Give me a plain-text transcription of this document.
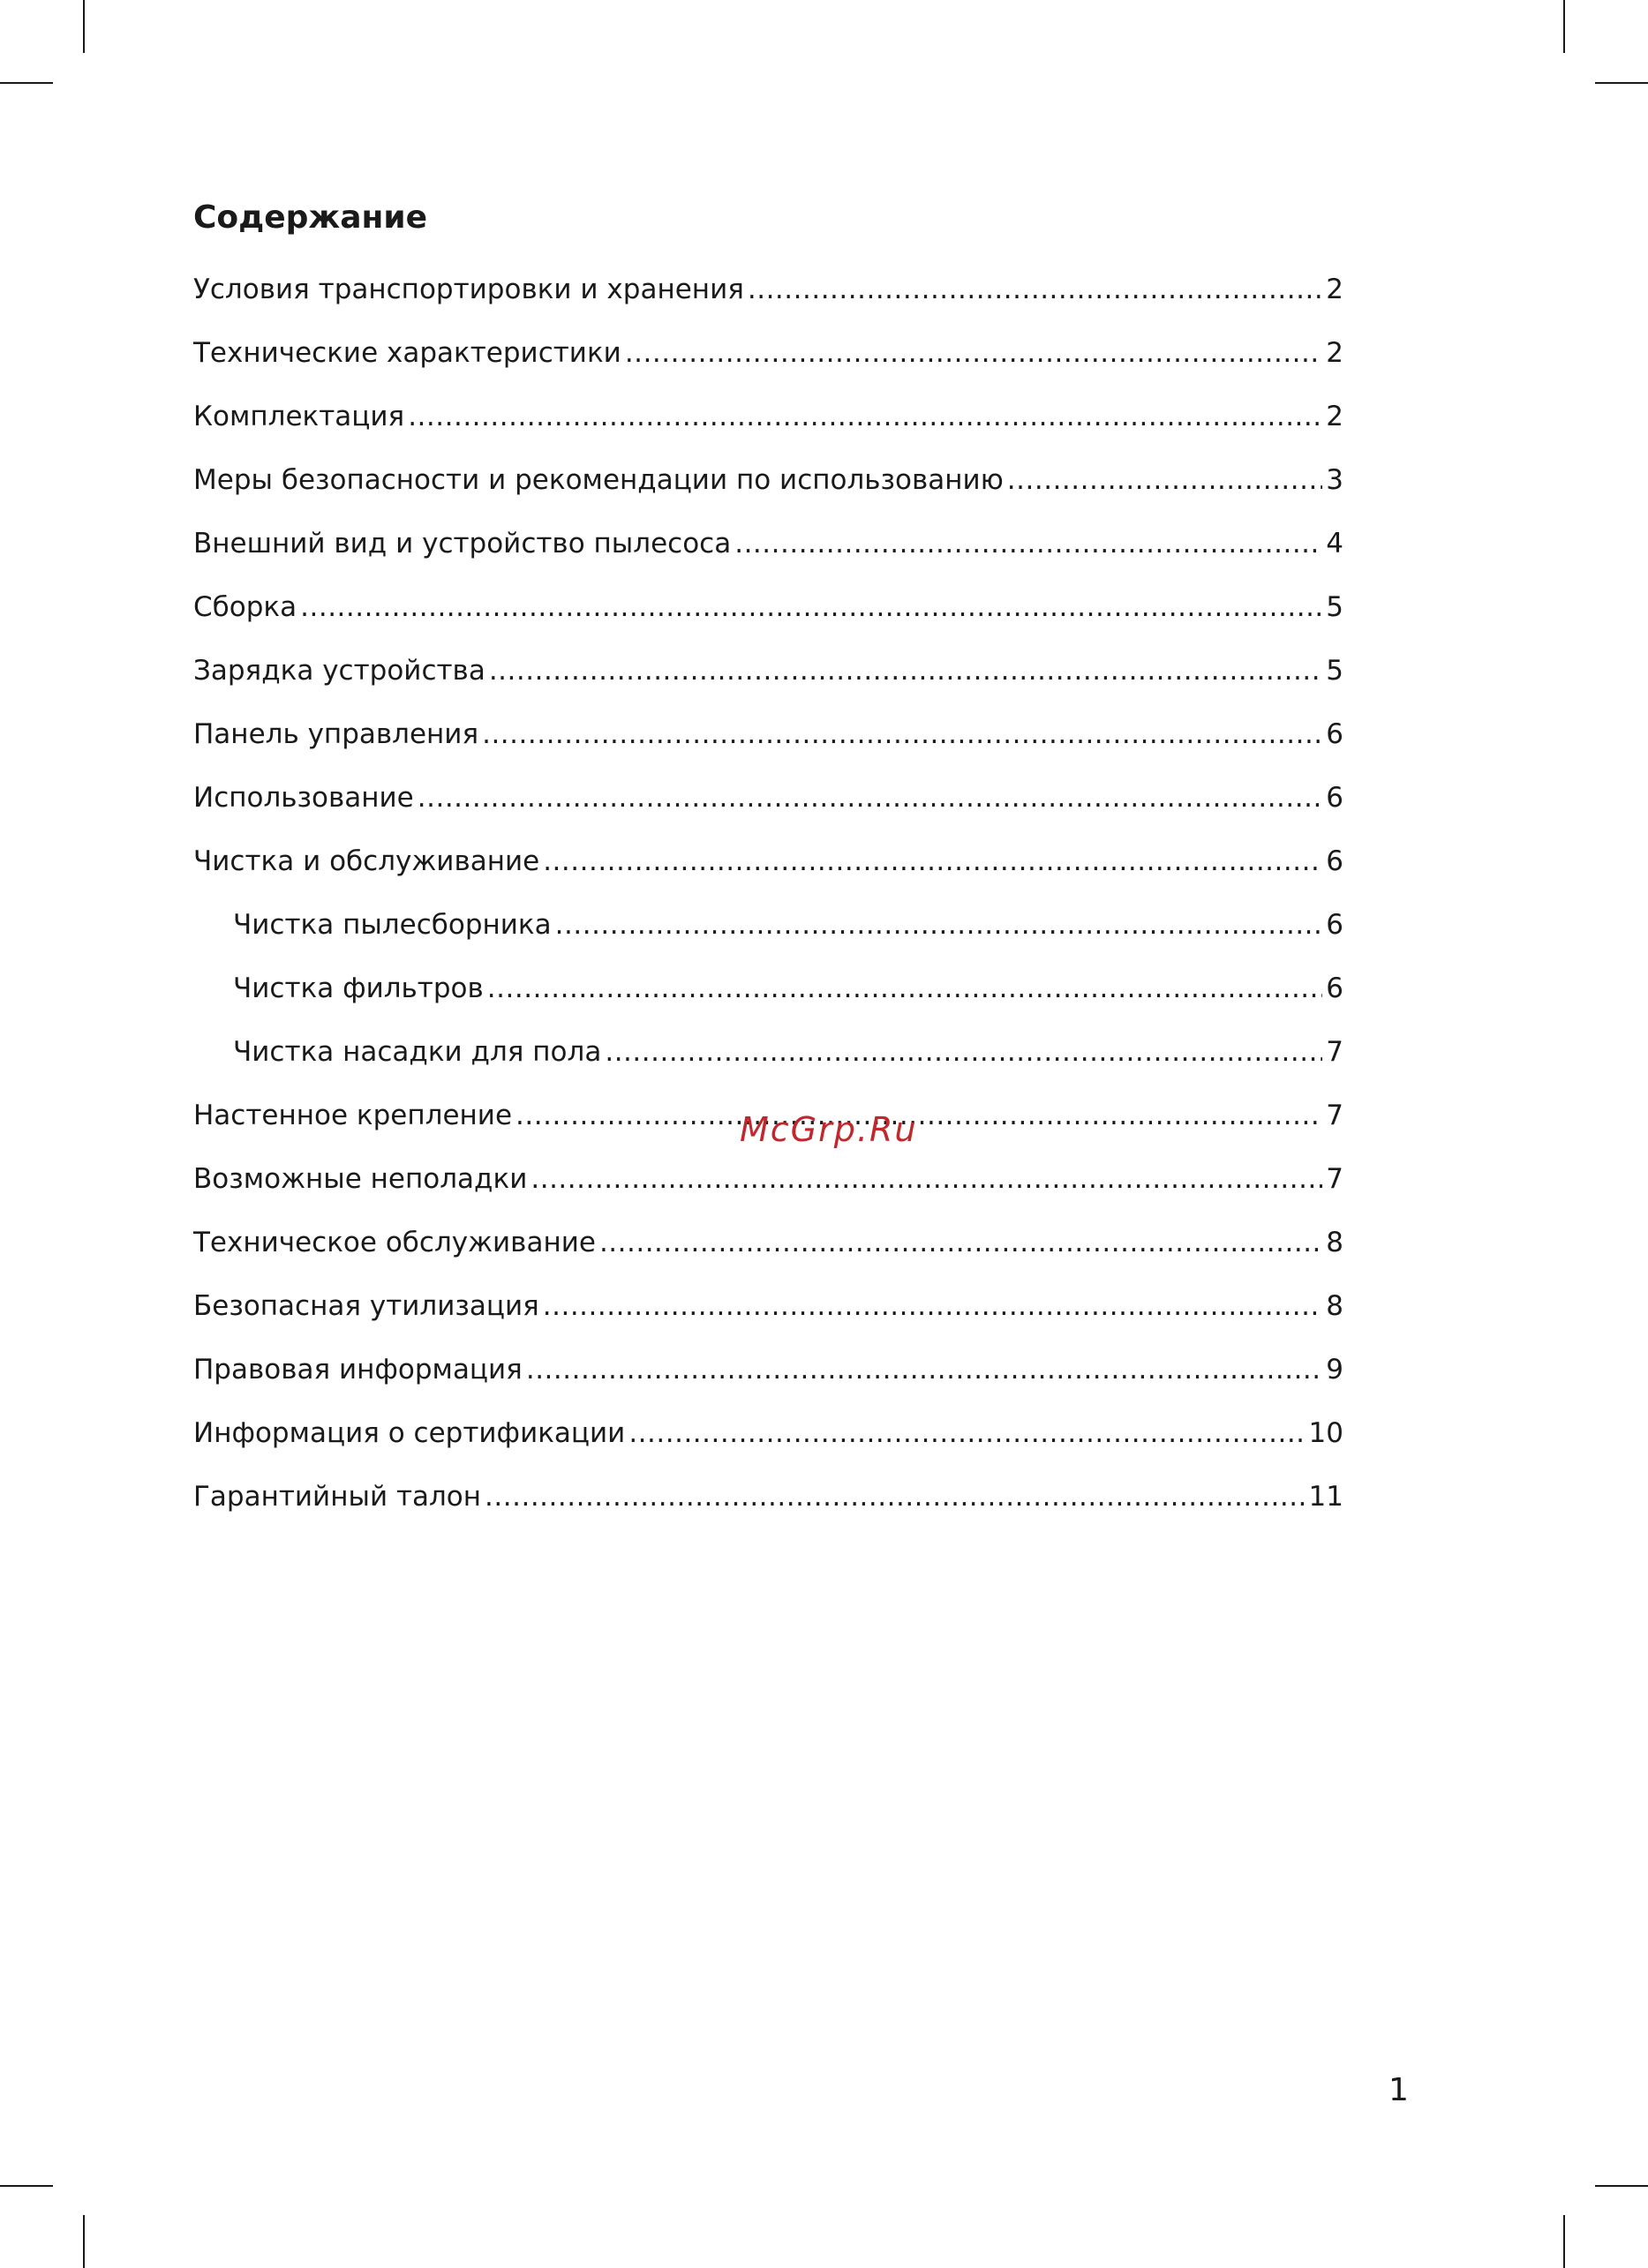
Содержание
Условия транспортировки и хранения .....	2
Технические характеристики .....	2
Комплектация .....	2
Меры безопасности и рекомендации по использованию .....	3
Внешний вид и устройство пылесоса .....	4
Сборка .....	5
Зарядка устройства .....	5
Панель управления .....	6
Использование .....	6
Чистка и обслуживание .....	6
Чистка пылесборника .....	6
Чистка фильтров .....	6
Чистка насадки для пола .....	7
Настенное крепление .....	7
Возможные неполадки .....	7
Техническое обслуживание .....	8
Безопасная утилизация .....	8
Правовая информация .....	9
Информация о сертификации .....	10
Гарантийный талон .....	11
McGrp.Ru
1
